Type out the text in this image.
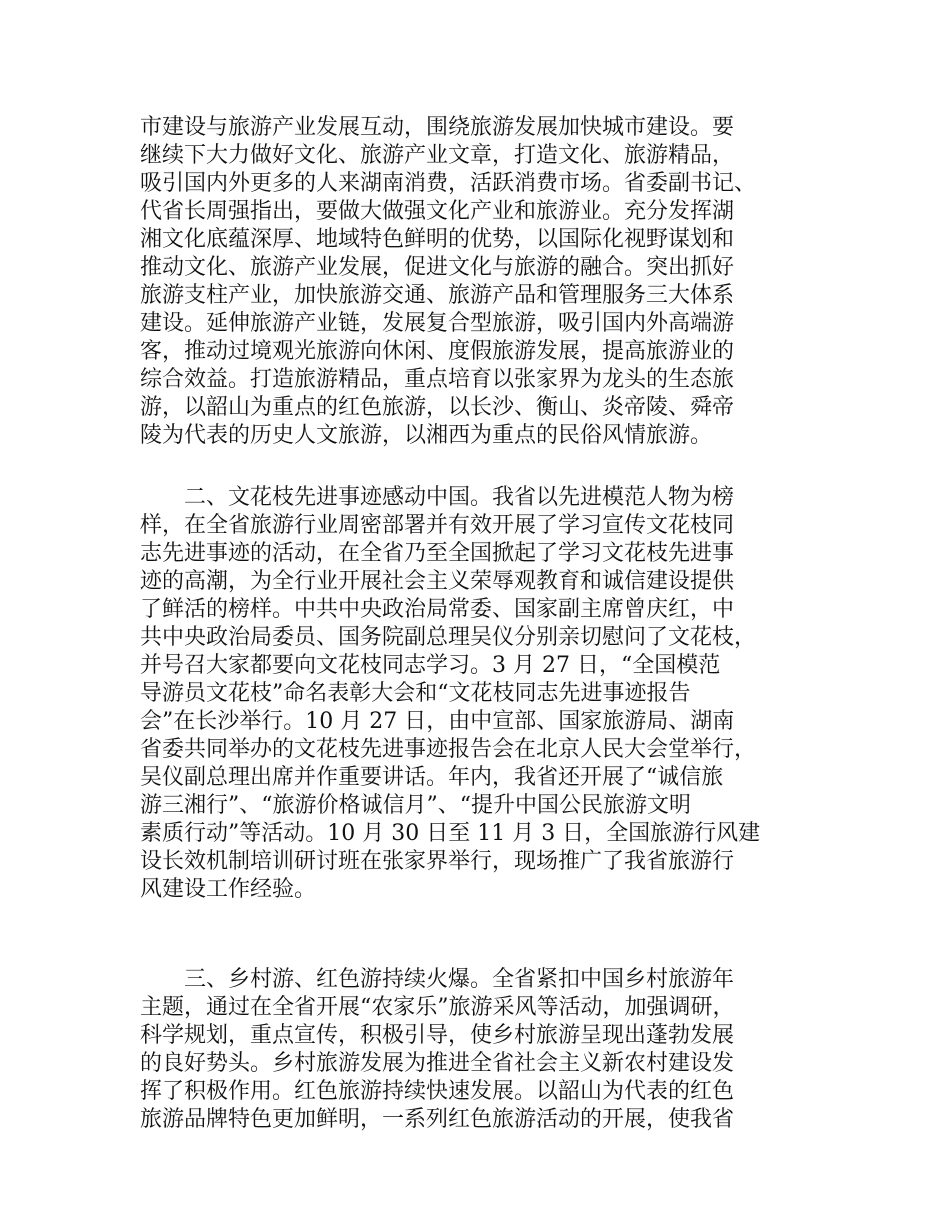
市建设与旅游产业发展互动，围绕旅游发展加快城市建设。要
继续下大力做好文化、旅游产业文章，打造文化、旅游精品，
吸引国内外更多的人来湖南消费，活跃消费市场。省委副书记、
代省长周强指出，要做大做强文化产业和旅游业。充分发挥湖
湘文化底蕴深厚、地域特色鲜明的优势，以国际化视野谋划和
推动文化、旅游产业发展，促进文化与旅游的融合。突出抓好
旅游支柱产业，加快旅游交通、旅游产品和管理服务三大体系
建设。延伸旅游产业链，发展复合型旅游，吸引国内外高端游
客，推动过境观光旅游向休闲、度假旅游发展，提高旅游业的
综合效益。打造旅游精品，重点培育以张家界为龙头的生态旅
游，以韶山为重点的红色旅游，以长沙、衡山、炎帝陵、舜帝
陵为代表的历史人文旅游，以湘西为重点的民俗风情旅游。
　　二、文花枝先进事迹感动中国。我省以先进模范人物为榜
样，在全省旅游行业周密部署并有效开展了学习宣传文花枝同
志先进事迹的活动，在全省乃至全国掀起了学习文花枝先进事
迹的高潮，为全行业开展社会主义荣辱观教育和诚信建设提供
了鲜活的榜样。中共中央政治局常委、国家副主席曾庆红，中
共中央政治局委员、国务院副总理吴仪分别亲切慰问了文花枝，
并号召大家都要向文花枝同志学习。3 月 27 日，“全国模范
导游员文花枝”命名表彰大会和“文花枝同志先进事迹报告
会”在长沙举行。10 月 27 日，由中宣部、国家旅游局、湖南
省委共同举办的文花枝先进事迹报告会在北京人民大会堂举行，
吴仪副总理出席并作重要讲话。年内，我省还开展了“诚信旅
游三湘行”、“旅游价格诚信月”、“提升中国公民旅游文明
素质行动”等活动。10 月 30 日至 11 月 3 日，全国旅游行风建
设长效机制培训研讨班在张家界举行，现场推广了我省旅游行
风建设工作经验。
　　三、乡村游、红色游持续火爆。全省紧扣中国乡村旅游年
主题，通过在全省开展“农家乐”旅游采风等活动，加强调研，
科学规划，重点宣传，积极引导，使乡村旅游呈现出蓬勃发展
的良好势头。乡村旅游发展为推进全省社会主义新农村建设发
挥了积极作用。红色旅游持续快速发展。以韶山为代表的红色
旅游品牌特色更加鲜明，一系列红色旅游活动的开展，使我省
